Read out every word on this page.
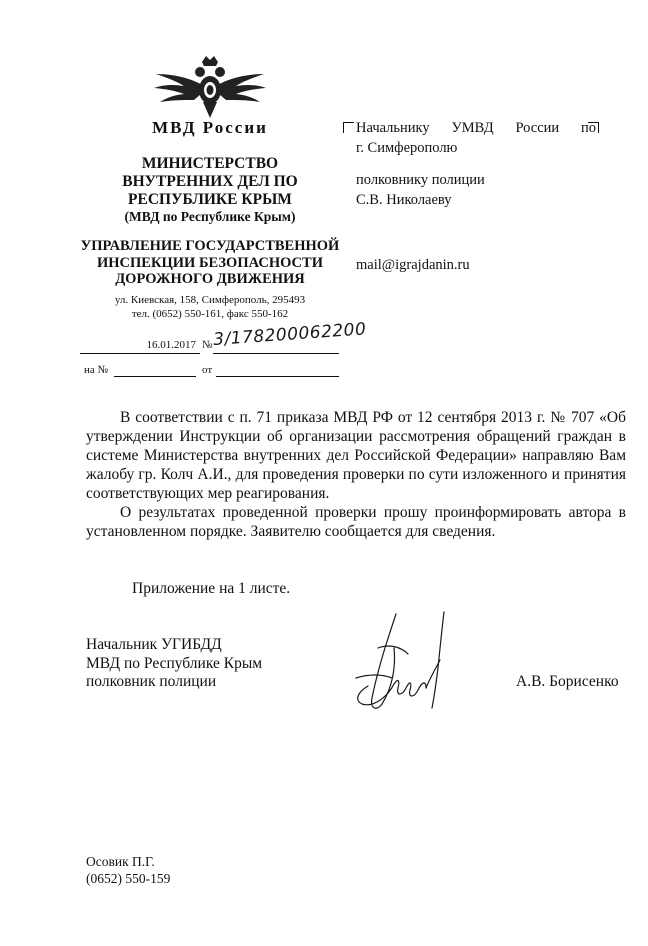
МВД России
МИНИСТЕРСТВО
ВНУТРЕННИХ ДЕЛ ПО
РЕСПУБЛИКЕ КРЫМ
(МВД по Республике Крым)
УПРАВЛЕНИЕ ГОСУДАРСТВЕННОЙ
ИНСПЕКЦИИ БЕЗОПАСНОСТИ
ДОРОЖНОГО ДВИЖЕНИЯ
ул. Киевская, 158, Симферополь, 295493
тел. (0652) 550-161, факс 550-162
16.01.2017 № 3/178200062200
на №	от
Начальнику УМВД России по
г. Симферополю
полковнику полиции
С.В. Николаеву
mail@igrajdanin.ru

В соответствии с п. 71 приказа МВД РФ от 12 сентября 2013 г. № 707 «Об утверждении Инструкции об организации рассмотрения обращений граждан в системе Министерства внутренних дел Российской Федерации» направляю Вам жалобу гр. Колч А.И., для проведения проверки по сути изложенного и принятия соответствующих мер реагирования.

О результатах проведенной проверки прошу проинформировать автора в установленном порядке. Заявителю сообщается для сведения.

Приложение на 1 листе.
Начальник УГИБДД
МВД по Республике Крым
полковник полиции	А.В. Борисенко
Осовик П.Г.
(0652) 550-159
